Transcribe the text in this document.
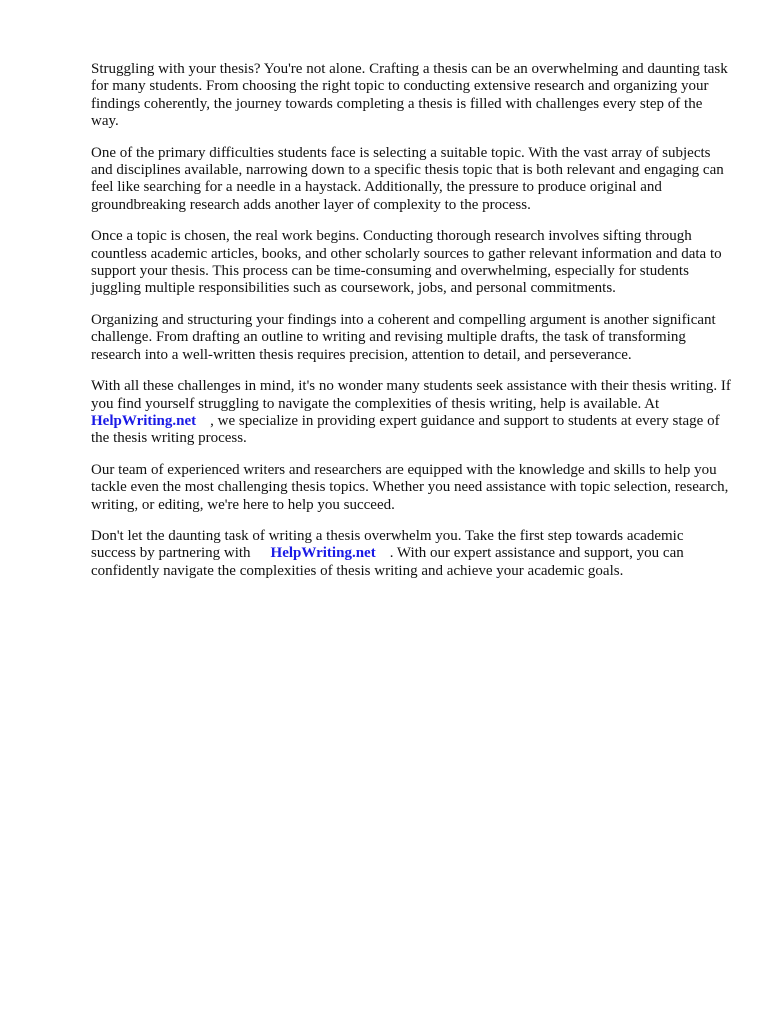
Struggling with your thesis? You're not alone. Crafting a thesis can be an overwhelming and daunting task for many students. From choosing the right topic to conducting extensive research and organizing your findings coherently, the journey towards completing a thesis is filled with challenges every step of the way.

One of the primary difficulties students face is selecting a suitable topic. With the vast array of subjects and disciplines available, narrowing down to a specific thesis topic that is both relevant and engaging can feel like searching for a needle in a haystack. Additionally, the pressure to produce original and groundbreaking research adds another layer of complexity to the process.

Once a topic is chosen, the real work begins. Conducting thorough research involves sifting through countless academic articles, books, and other scholarly sources to gather relevant information and data to support your thesis. This process can be time-consuming and overwhelming, especially for students juggling multiple responsibilities such as coursework, jobs, and personal commitments.

Organizing and structuring your findings into a coherent and compelling argument is another significant challenge. From drafting an outline to writing and revising multiple drafts, the task of transforming research into a well-written thesis requires precision, attention to detail, and perseverance.

With all these challenges in mind, it's no wonder many students seek assistance with their thesis writing. If you find yourself struggling to navigate the complexities of thesis writing, help is available. AtHelpWriting.net , we specialize in providing expert guidance and support to students at every stage of the thesis writing process.

Our team of experienced writers and researchers are equipped with the knowledge and skills to help you tackle even the most challenging thesis topics. Whether you need assistance with topic selection, research, writing, or editing, we're here to help you succeed.

Don't let the daunting task of writing a thesis overwhelm you. Take the first step towards academic success by partnering with HelpWriting.net . With our expert assistance and support, you can confidently navigate the complexities of thesis writing and achieve your academic goals.
